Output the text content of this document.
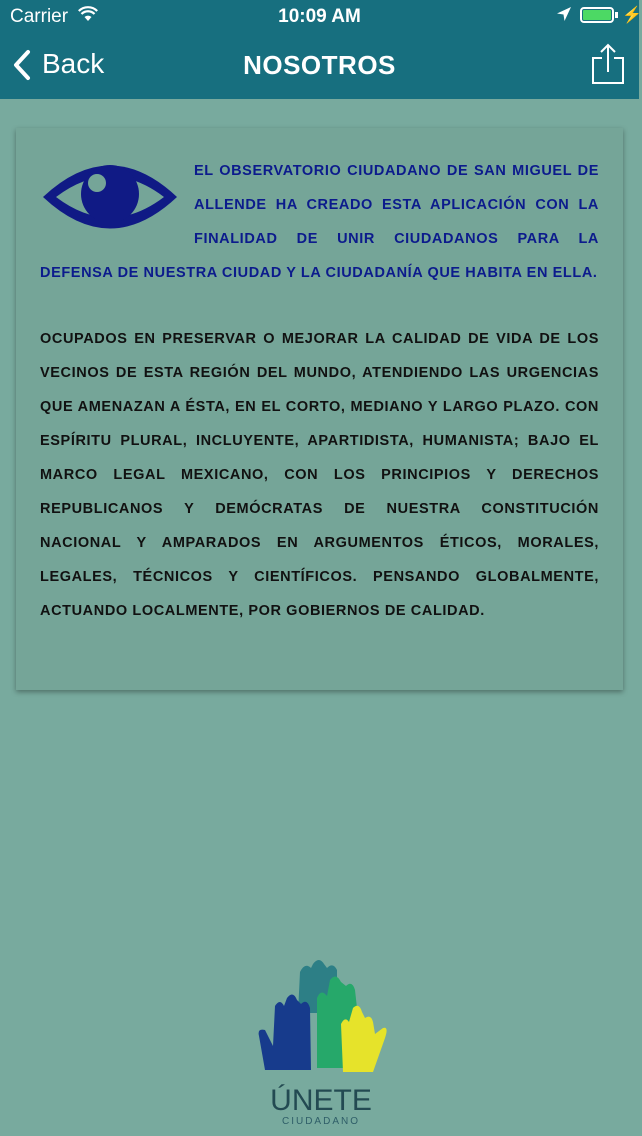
Carrier	10:09 AM	⚡
Back	NOSOTROS

EL OBSERVATORIO CIUDADANO DE SAN MIGUEL DE ALLENDE HA CREADO ESTA APLICACIÓN CON LA FINALIDAD DE UNIR CIUDADANOS PARA LA DEFENSA DE NUESTRA CIUDAD Y LA CIUDADANÍA QUE HABITA EN ELLA.

OCUPADOS EN PRESERVAR O MEJORAR LA CALIDAD DE VIDA DE LOS VECINOS DE ESTA REGIÓN DEL MUNDO, ATENDIENDO LAS URGENCIAS QUE AMENAZAN A ÉSTA, EN EL CORTO, MEDIANO Y LARGO PLAZO. CON ESPÍRITU PLURAL, INCLUYENTE, APARTIDISTA, HUMANISTA; BAJO EL MARCO LEGAL MEXICANO, CON LOS PRINCIPIOS Y DERECHOS REPUBLICANOS Y DEMÓCRATAS DE NUESTRA CONSTITUCIÓN NACIONAL Y AMPARADOS EN ARGUMENTOS ÉTICOS, MORALES, LEGALES, TÉCNICOS Y CIENTÍFICOS. PENSANDO GLOBALMENTE, ACTUANDO LOCALMENTE, POR GOBIERNOS DE CALIDAD.

ÚNETE
CIUDADANO
